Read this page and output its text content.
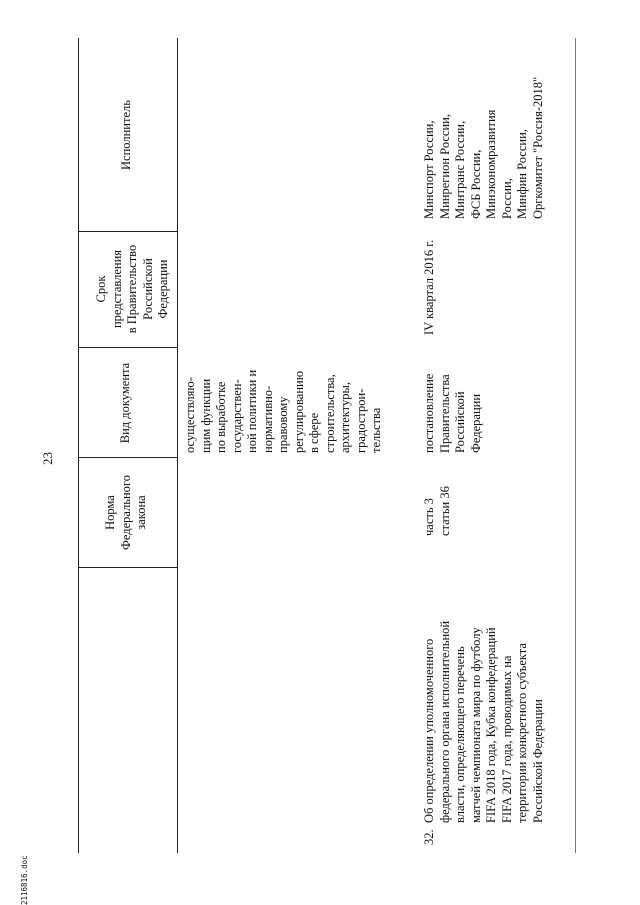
23
Норма
Федерального
закона
Вид документа
Срок
представления
в Правительство
Российской
Федерации
Исполнитель
осуществляю-
щим функции
по выработке
государствен-
ной политики и
нормативно-
правовому
регулированию
в сфере
строительства,
архитектуры,
градострои-
тельства
32.
Об определении уполномоченного
федерального органа исполнительной
власти, определяющего перечень
матчей чемпионата мира по футболу
FIFA 2018 года, Кубка конфедераций
FIFA 2017 года, проводимых на
территории конкретного субъекта
Российской Федерации
часть 3
статьи 36
постановление
Правительства
Российской
Федерации
IV квартал 2016 г.
Минспорт России,
Минрегион России,
Минтранс России,
ФСБ России,
Минэкономразвития
России,
Минфин России,
Оргкомитет "Россия-2018"
2116816.doc
